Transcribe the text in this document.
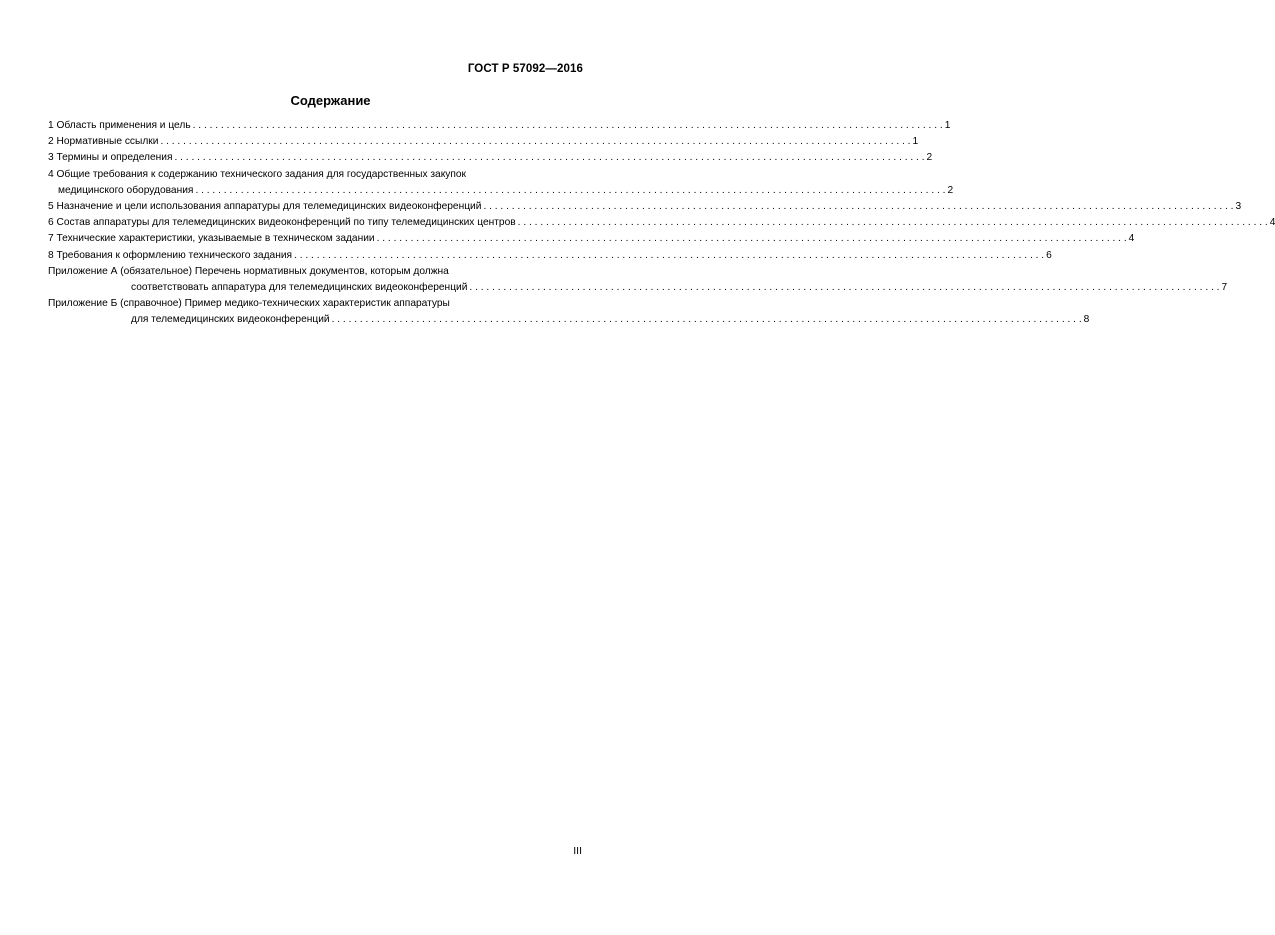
ГОСТ Р 57092—2016
Содержание
1 Область применения и цель . . .	1
2 Нормативные ссылки . . .	1
3 Термины и определения . . .	2
4 Общие требования к содержанию технического задания для государственных закупок
медицинского оборудования . . .	2
5 Назначение и цели использования аппаратуры для телемедицинских видеоконференций . . .	3
6 Состав аппаратуры для телемедицинских видеоконференций по типу телемедицинских центров . . .	4
7 Технические характеристики, указываемые в техническом задании . . .	4
8 Требования к оформлению технического задания . . .	6
Приложение А (обязательное) Перечень нормативных документов, которым должна
соответствовать аппаратура для телемедицинских видеоконференций . . .	7
Приложение Б (справочное) Пример медико-технических характеристик аппаратуры
для телемедицинских видеоконференций . . .	8
III
